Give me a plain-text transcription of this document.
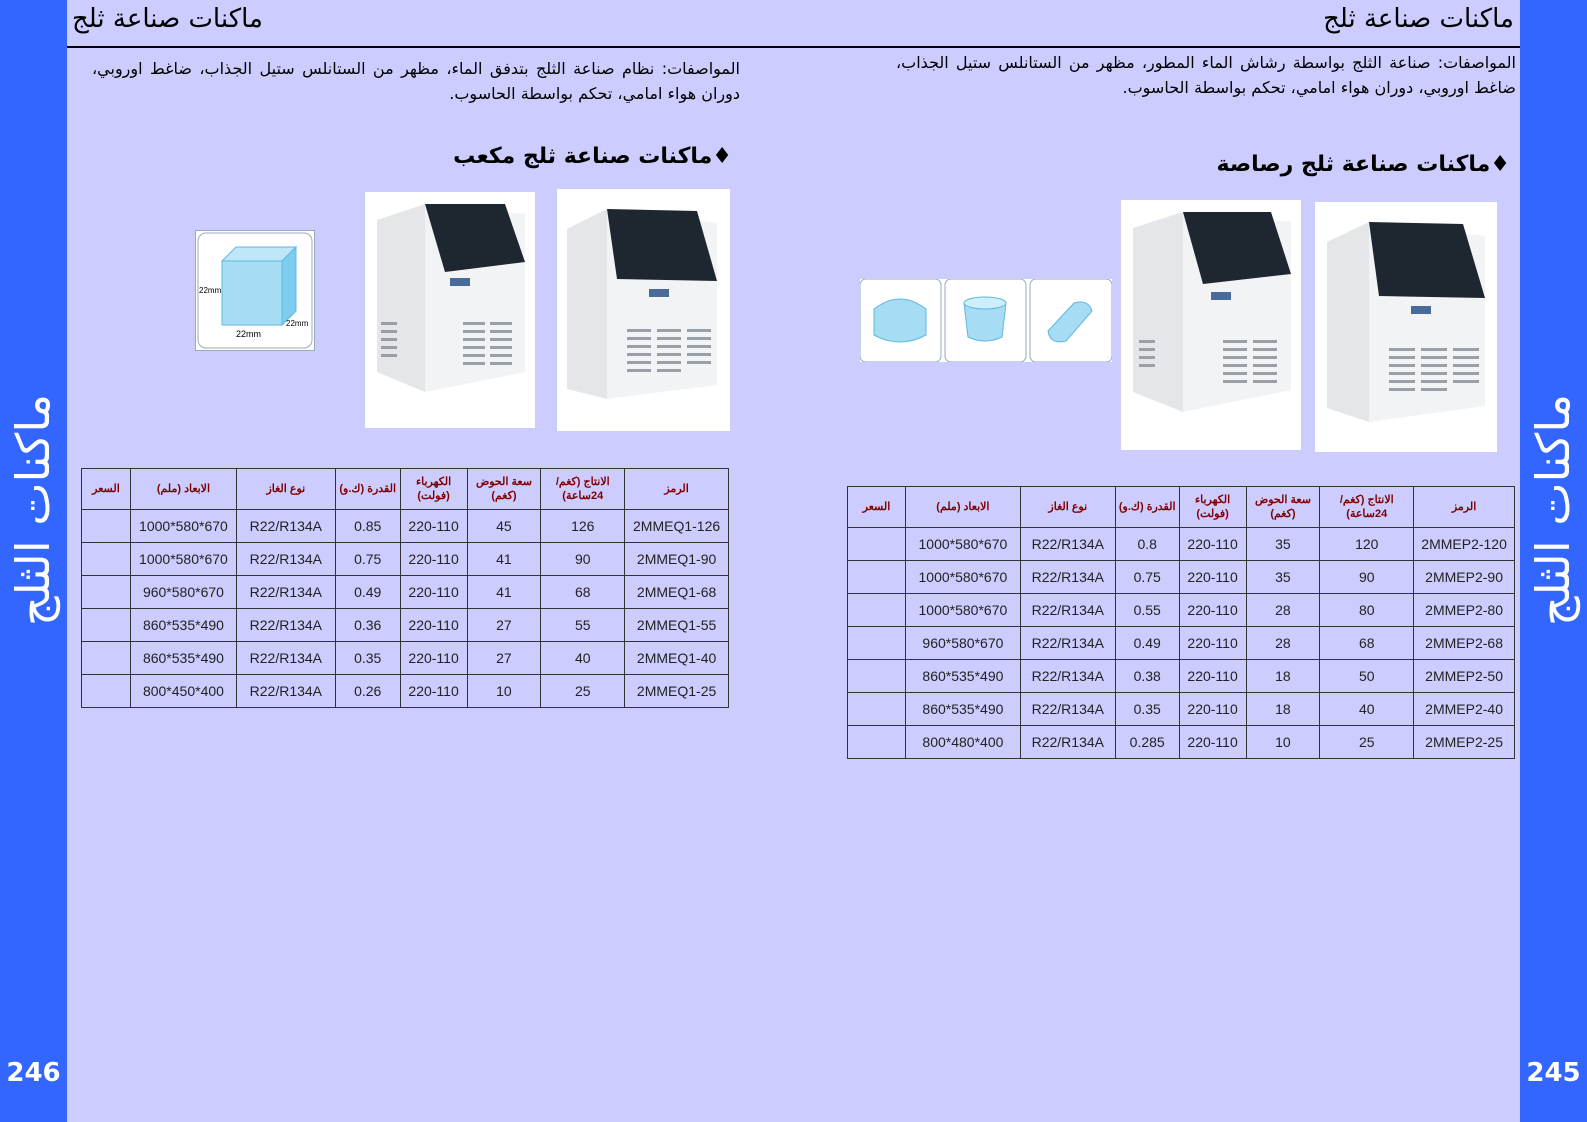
ماكنات الثلج
246
ماكنات الثلج
245
ماكنات صناعة ثلج
المواصفات: نظام صناعة الثلج بتدفق الماء، مظهر من الستانلس ستيل الجذاب، ضاغط اوروبي، دوران هواء امامي، تحكم بواسطة الحاسوب.
♦ماكنات صناعة ثلج مكعب
22mm
22mm
22mm
الرمز	الانتاج (كغم/ 24ساعة)	سعة الحوض (كغم)	الكهرباء (فولت)	القدرة (ك.و)	نوع الغاز	الابعاد (ملم)	السعر
2MMEQ1-126	126	45	220-110	0.85	R22/R134A	670*580*1000	
2MMEQ1-90	90	41	220-110	0.75	R22/R134A	670*580*1000	
2MMEQ1-68	68	41	220-110	0.49	R22/R134A	670*580*960	
2MMEQ1-55	55	27	220-110	0.36	R22/R134A	490*535*860	
2MMEQ1-40	40	27	220-110	0.35	R22/R134A	490*535*860	
2MMEQ1-25	25	10	220-110	0.26	R22/R134A	400*450*800	
ماكنات صناعة ثلج
المواصفات: صناعة الثلج بواسطة رشاش الماء المطور، مظهر من الستانلس ستيل الجذاب، ضاغط اوروبي، دوران هواء امامي، تحكم بواسطة الحاسوب.
♦ماكنات صناعة ثلج رصاصة
الرمز	الانتاج (كغم/ 24ساعة)	سعة الحوض (كغم)	الكهرباء (فولت)	القدرة (ك.و)	نوع الغاز	الابعاد (ملم)	السعر
2MMEP2-120	120	35	220-110	0.8	R22/R134A	670*580*1000	
2MMEP2-90	90	35	220-110	0.75	R22/R134A	670*580*1000	
2MMEP2-80	80	28	220-110	0.55	R22/R134A	670*580*1000	
2MMEP2-68	68	28	220-110	0.49	R22/R134A	670*580*960	
2MMEP2-50	50	18	220-110	0.38	R22/R134A	490*535*860	
2MMEP2-40	40	18	220-110	0.35	R22/R134A	490*535*860	
2MMEP2-25	25	10	220-110	0.285	R22/R134A	400*480*800	
